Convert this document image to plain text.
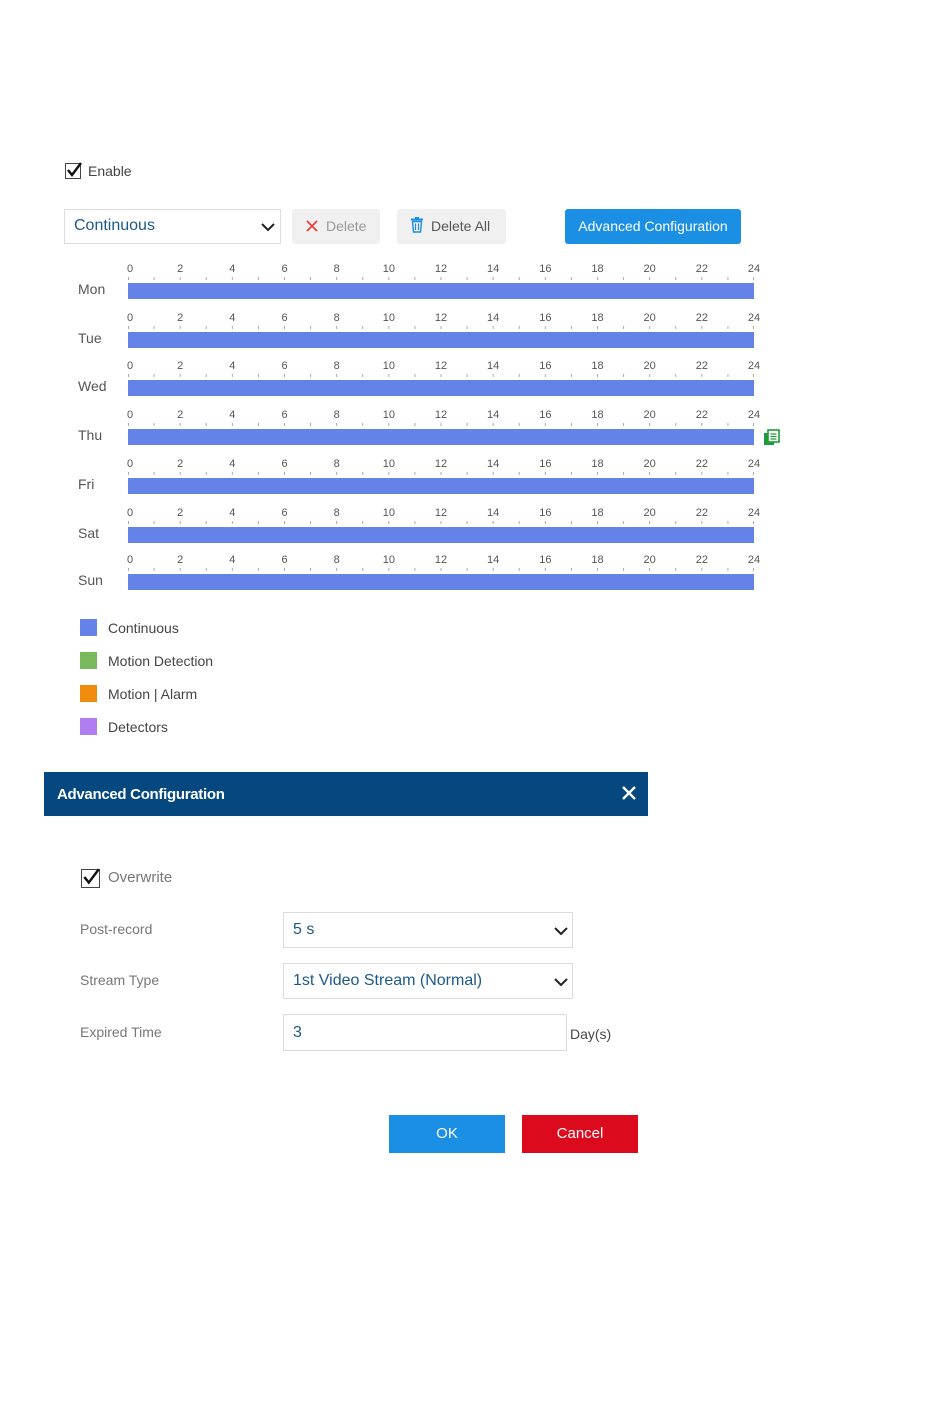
Enable
Continuous	Delete	Delete All	Advanced Configuration
Mon
0	2	4	6	8	10	12	14	16	18	20	22	24
Tue
0	2	4	6	8	10	12	14	16	18	20	22	24
Wed
0	2	4	6	8	10	12	14	16	18	20	22	24
Thu
0	2	4	6	8	10	12	14	16	18	20	22	24
Fri
0	2	4	6	8	10	12	14	16	18	20	22	24
Sat
0	2	4	6	8	10	12	14	16	18	20	22	24
Sun
0	2	4	6	8	10	12	14	16	18	20	22	24
Continuous
Motion Detection
Motion | Alarm
Detectors
Advanced Configuration
Overwrite
Post-record	5 s
Stream Type	1st Video Stream (Normal)
Expired Time	3	Day(s)
OK	Cancel
